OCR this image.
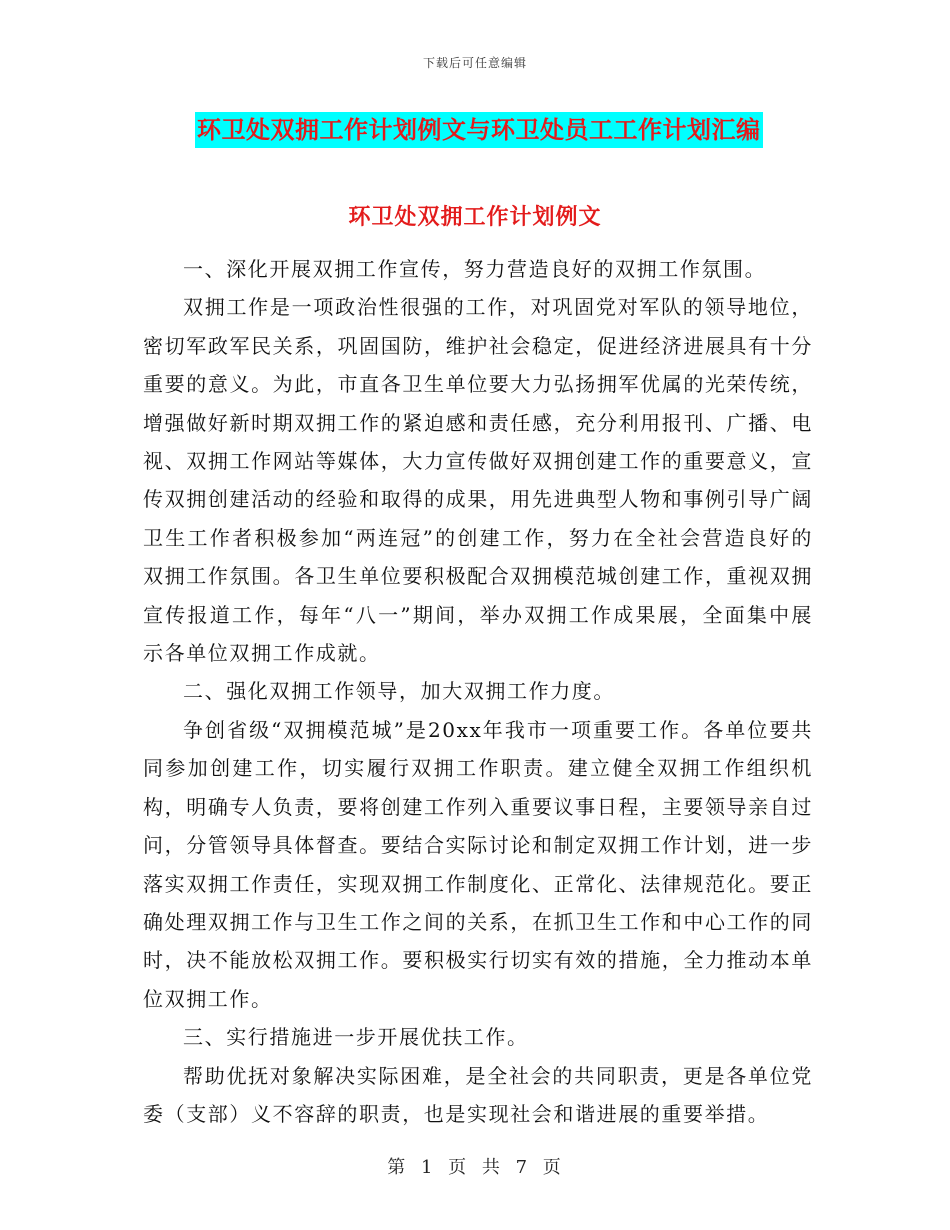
下载后可任意编辑
环卫处双拥工作计划例文与环卫处员工工作计划汇编
环卫处双拥工作计划例文

一、深化开展双拥工作宣传，努力营造良好的双拥工作氛围。

双拥工作是一项政治性很强的工作，对巩固党对军队的领导地位，密切军政军民关系，巩固国防，维护社会稳定，促进经济进展具有十分重要的意义。为此，市直各卫生单位要大力弘扬拥军优属的光荣传统，增强做好新时期双拥工作的紧迫感和责任感，充分利用报刊、广播、电视、双拥工作网站等媒体，大力宣传做好双拥创建工作的重要意义，宣传双拥创建活动的经验和取得的成果，用先进典型人物和事例引导广阔卫生工作者积极参加“两连冠”的创建工作，努力在全社会营造良好的双拥工作氛围。各卫生单位要积极配合双拥模范城创建工作，重视双拥宣传报道工作，每年“八一”期间，举办双拥工作成果展，全面集中展示各单位双拥工作成就。

二、强化双拥工作领导，加大双拥工作力度。

争创省级“双拥模范城”是20xx年我市一项重要工作。各单位要共同参加创建工作，切实履行双拥工作职责。建立健全双拥工作组织机构，明确专人负责，要将创建工作列入重要议事日程，主要领导亲自过问，分管领导具体督查。要结合实际讨论和制定双拥工作计划，进一步落实双拥工作责任，实现双拥工作制度化、正常化、法律规范化。要正确处理双拥工作与卫生工作之间的关系，在抓卫生工作和中心工作的同时，决不能放松双拥工作。要积极实行切实有效的措施，全力推动本单位双拥工作。

三、实行措施进一步开展优扶工作。

帮助优抚对象解决实际困难，是全社会的共同职责，更是各单位党委（支部）义不容辞的职责，也是实现社会和谐进展的重要举措。

第 1 页 共 7 页
